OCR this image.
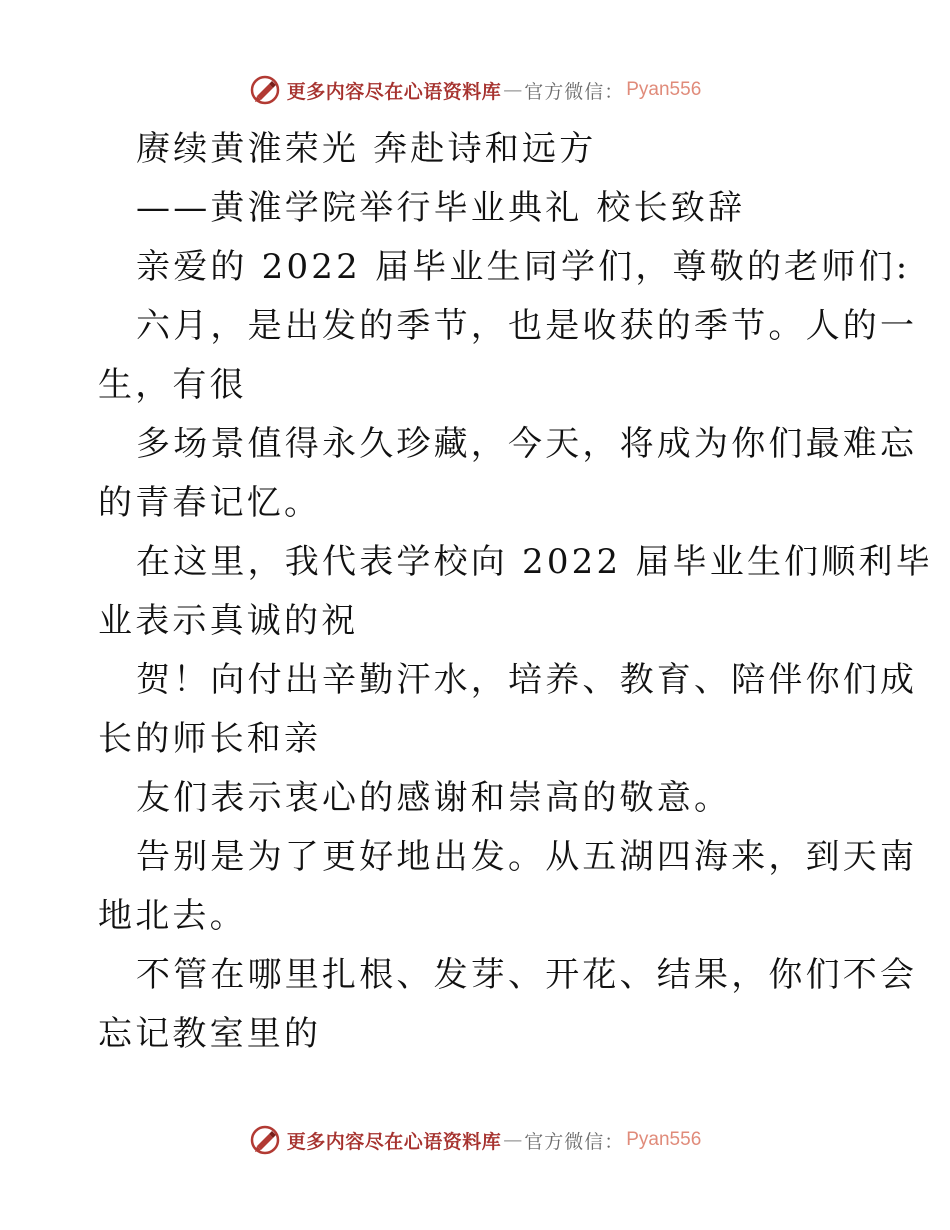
更多内容尽在心语资料库 — 官方微信： Pyan556
赓续黄淮荣光 奔赴诗和远方
——黄淮学院举行毕业典礼 校长致辞
亲爱的 2022 届毕业生同学们，尊敬的老师们:
六月，是出发的季节，也是收获的季节。人的一
生，有很
多场景值得永久珍藏，今天，将成为你们最难忘
的青春记忆。
在这里，我代表学校向 2022 届毕业生们顺利毕
业表示真诚的祝
贺！向付出辛勤汗水，培养、教育、陪伴你们成
长的师长和亲
友们表示衷心的感谢和崇高的敬意。
告别是为了更好地出发。从五湖四海来，到天南
地北去。
不管在哪里扎根、发芽、开花、结果，你们不会
忘记教室里的
更多内容尽在心语资料库 — 官方微信： Pyan556
